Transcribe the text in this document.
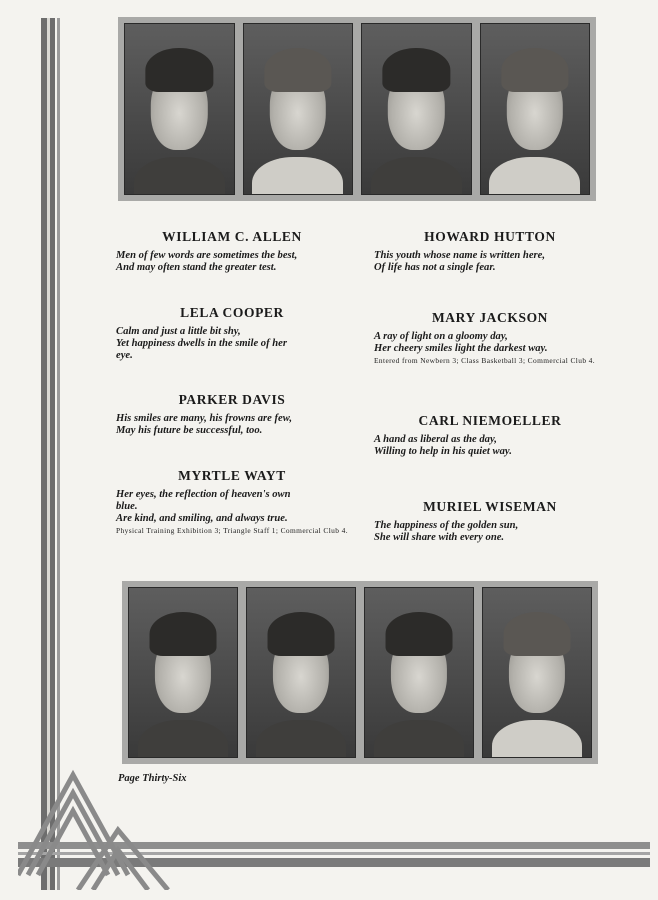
WILLIAM C. ALLEN
Men of few words are sometimes the best,
And may often stand the greater test.
LELA COOPER
Calm and just a little bit shy,
Yet happiness dwells in the smile of her
eye.
PARKER DAVIS
His smiles are many, his frowns are few,
May his future be successful, too.
MYRTLE WAYT
Her eyes, the reflection of heaven's own
blue.
Are kind, and smiling, and always true.
Physical Training Exhibition 3; Triangle Staff 1; Commercial Club 4.
HOWARD HUTTON
This youth whose name is written here,
Of life has not a single fear.
MARY JACKSON
A ray of light on a gloomy day,
Her cheery smiles light the darkest way.
Entered from Newbern 3; Class Basketball 3; Commercial Club 4.
CARL NIEMOELLER
A hand as liberal as the day,
Willing to help in his quiet way.
MURIEL WISEMAN
The happiness of the golden sun,
She will share with every one.
Page Thirty-Six
